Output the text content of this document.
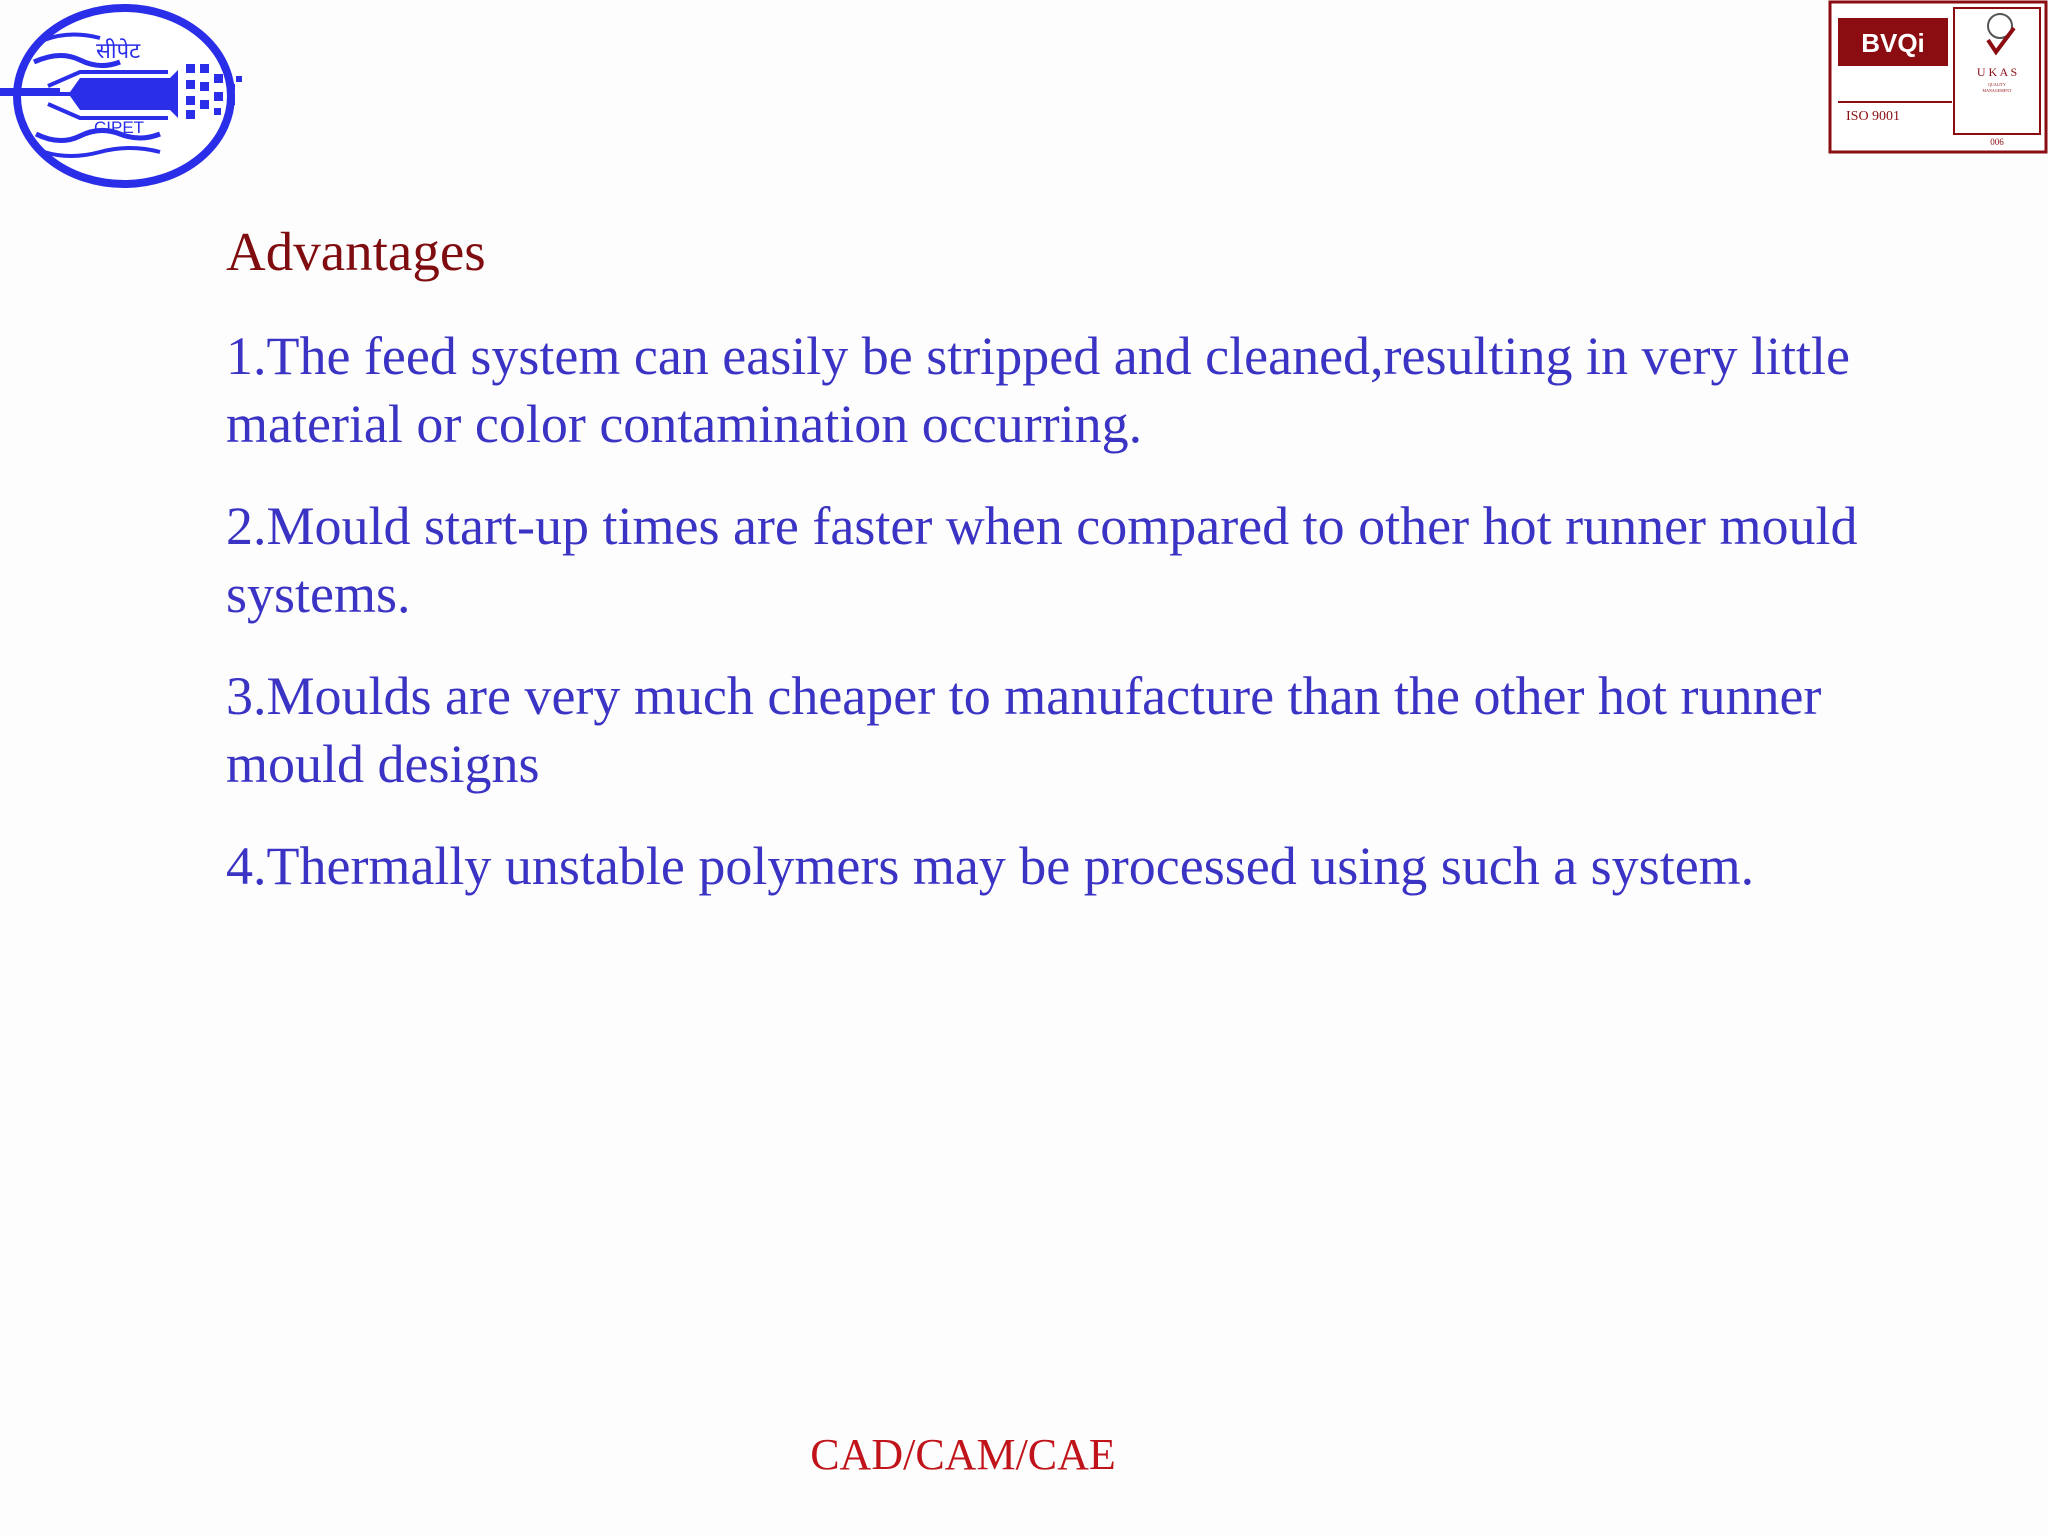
सीपेट
CIPET
BVQi
ISO 9001
U K A S
QUALITY
MANAGEMENT
006
Advantages
1.The feed system can easily be stripped and cleaned,resulting in very little material or color contamination occurring.
2.Mould start-up times are faster when compared to other hot runner mould systems.
3.Moulds are very much cheaper to manufacture than the other hot runner mould designs
4.Thermally unstable polymers may be processed using such a system.
CAD/CAM/CAE
